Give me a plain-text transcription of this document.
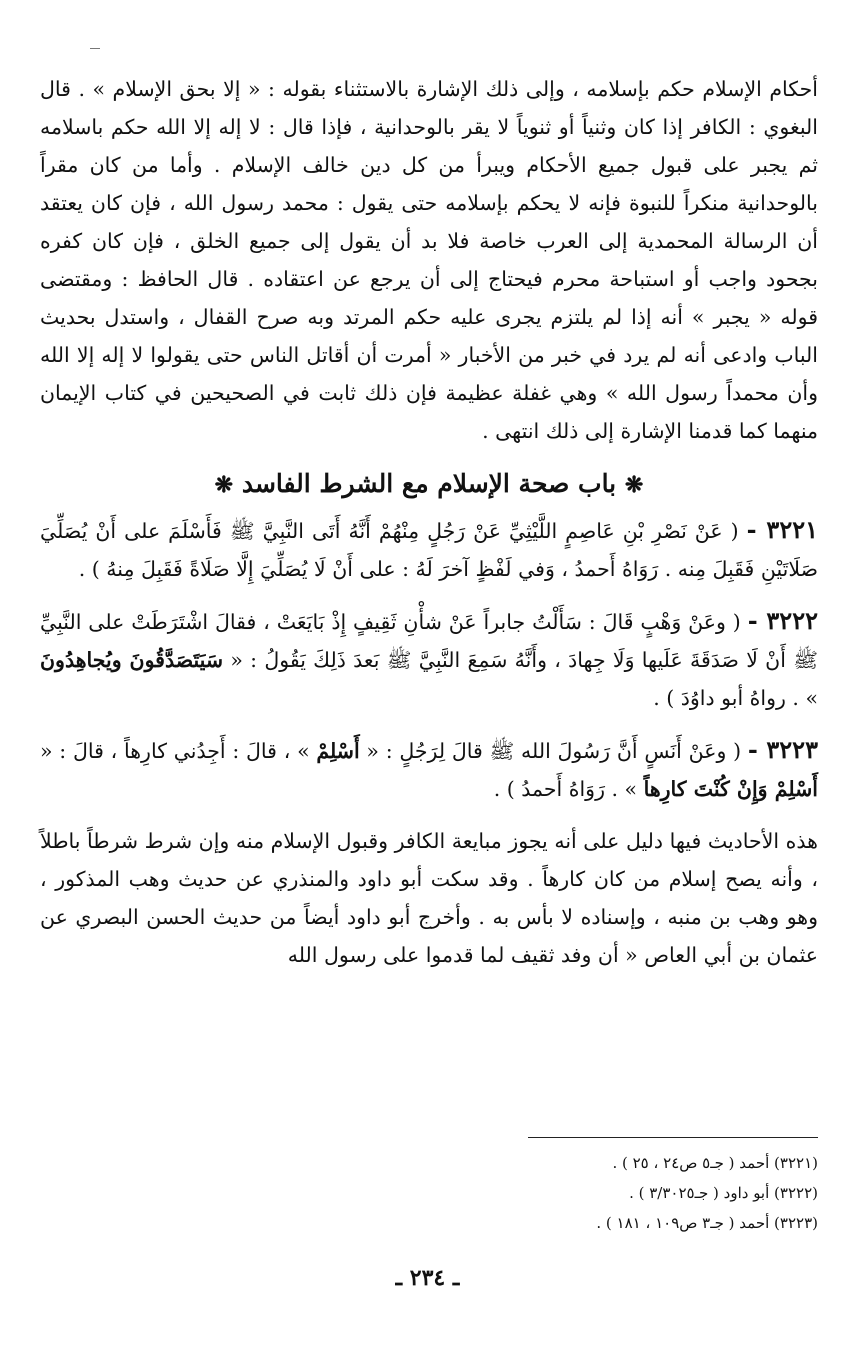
أحكام الإسلام حكم بإسلامه ، وإلى ذلك الإشارة بالاستثناء بقوله : « إلا بحق الإسلام » . قال البغوي : الكافر إذا كان وثنياً أو ثنوياً لا يقر بالوحدانية ، فإذا قال : لا إله إلا الله حكم باسلامه ثم يجبر على قبول جميع الأحكام ويبرأ من كل دين خالف الإسلام . وأما من كان مقراً بالوحدانية منكراً للنبوة فإنه لا يحكم بإسلامه حتى يقول : محمد رسول الله ، فإن كان يعتقد أن الرسالة المحمدية إلى العرب خاصة فلا بد أن يقول إلى جميع الخلق ، فإن كان كفره بجحود واجب أو استباحة محرم فيحتاج إلى أن يرجع عن اعتقاده . قال الحافظ : ومقتضى قوله « يجبر » أنه إذا لم يلتزم يجرى عليه حكم المرتد وبه صرح القفال ، واستدل بحديث الباب وادعى أنه لم يرد في خبر من الأخبار « أمرت أن أقاتل الناس حتى يقولوا لا إله إلا الله وأن محمداً رسول الله » وهي غفلة عظيمة فإن ذلك ثابت في الصحيحين في كتاب الإيمان منهما كما قدمنا الإشارة إلى ذلك انتهى .

❋ باب صحة الإسلام مع الشرط الفاسد ❋

٣٢٢١ - ( عَنْ نَصْرِ بْنِ عَاصِمٍ اللَّيْثِيِّ عَنْ رَجُلٍ مِنْهُمْ أَنَّهُ أَتَى النَّبِيَّ ﷺ فَأَسْلَمَ على أَنْ يُصَلِّيَ صَلَاتَيْنِ فَقَبِلَ مِنه . رَوَاهُ أَحمدُ ، وَفي لَفْظٍ آخرَ لَهُ : على أَنْ لَا يُصَلِّيَ إِلَّا صَلَاةً فَقَبِلَ مِنهُ ) .

٣٢٢٢ - ( وعَنْ وَهْبٍ قَالَ : سَأَلْتُ جابراً عَنْ شأْنِ ثَقِيفٍ إِذْ بَايَعَتْ ، فقالَ اشْتَرَطَتْ على النَّبِيِّ ﷺ أَنْ لَا صَدَقَةَ عَلَيها وَلَا جِهادَ ، وأَنَّهُ سَمِعَ النَّبِيَّ ﷺ بَعدَ ذَلِكَ يَقُولُ : « سَيَتَصَدَّقُونَ ويُجاهِدُونَ » . رواهُ أبو داوُدَ ) .

٣٢٢٣ - ( وعَنْ أَنَسٍ أَنَّ رَسُولَ الله ﷺ قالَ لِرَجُلٍ : « أَسْلِمْ » ، قالَ : أَجِدُني كارِهاً ، قالَ : « أَسْلِمْ وَإِنْ كُنْتَ كارِهاً » . رَوَاهُ أَحمدُ ) .

هذه الأحاديث فيها دليل على أنه يجوز مبايعة الكافر وقبول الإسلام منه وإن شرط شرطاً باطلاً ، وأنه يصح إسلام من كان كارهاً . وقد سكت أبو داود والمنذري عن حديث وهب المذكور ، وهو وهب بن منبه ، وإسناده لا بأس به . وأخرج أبو داود أيضاً من حديث الحسن البصري عن عثمان بن أبي العاص « أن وفد ثقيف لما قدموا على رسول الله

(٣٢٢١) أحمد ( جـ٥ ص٢٤ ، ٢٥ ) .

(٣٢٢٢) أبو داود ( جـ٣/٣٠٢٥ ) .

(٣٢٢٣) أحمد ( جـ٣ ص١٠٩ ، ١٨١ ) .

ـ ٢٣٤ ـ
